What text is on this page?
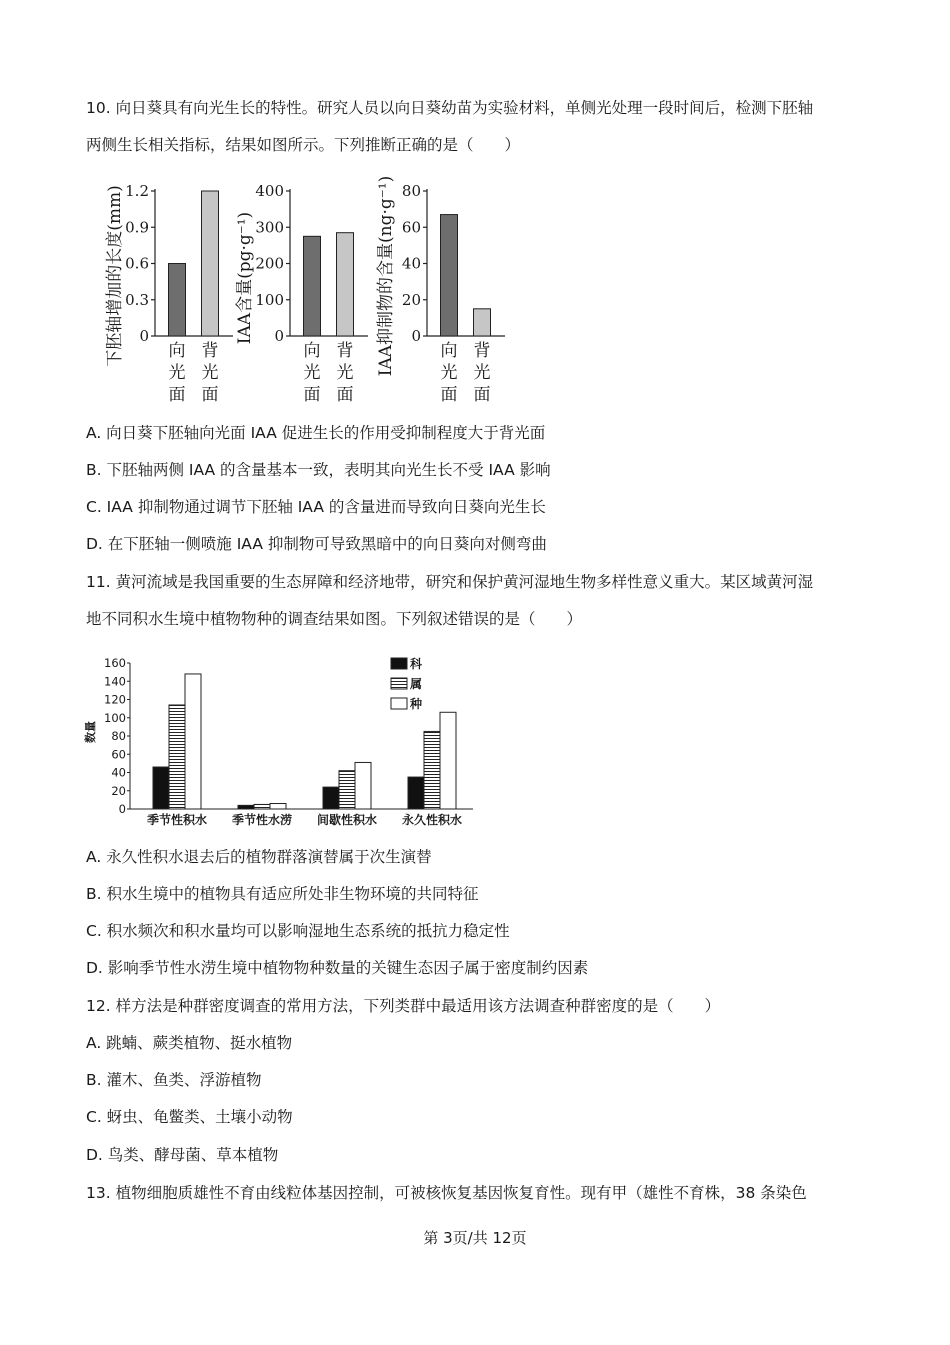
10. 向日葵具有向光生长的特性。研究人员以向日葵幼苗为实验材料，单侧光处理一段时间后，检测下胚轴
两侧生长相关指标，结果如图所示。下列推断正确的是（　　）
下胚轴增加的长度(mm) 0
0.3
0.6
0.9
1.2
向
光
面
背
光
面
IAA含量(pg·g⁻¹) 0
100
200
300
400
向
光
面
背
光
面
IAA抑制物的含量(ng·g⁻¹) 0
20
40
60
80
向
光
面
背
光
面
A. 向日葵下胚轴向光面 IAA 促进生长的作用受抑制程度大于背光面
B. 下胚轴两侧 IAA 的含量基本一致，表明其向光生长不受 IAA 影响
C. IAA 抑制物通过调节下胚轴 IAA 的含量进而导致向日葵向光生长
D. 在下胚轴一侧喷施 IAA 抑制物可导致黑暗中的向日葵向对侧弯曲
11. 黄河流域是我国重要的生态屏障和经济地带，研究和保护黄河湿地生物多样性意义重大。某区域黄河湿
地不同积水生境中植物物种的调查结果如图。下列叙述错误的是（　　）
数量
0
20
40
60
80
100
120
140
160
季节性积水 季节性水涝 间歇性积水 永久性积水
科
属
种
A. 永久性积水退去后的植物群落演替属于次生演替
B. 积水生境中的植物具有适应所处非生物环境的共同特征
C. 积水频次和积水量均可以影响湿地生态系统的抵抗力稳定性
D. 影响季节性水涝生境中植物物种数量的关键生态因子属于密度制约因素
12. 样方法是种群密度调查的常用方法，下列类群中最适用该方法调查种群密度的是（　　）
A. 跳蝻、蕨类植物、挺水植物
B. 灌木、鱼类、浮游植物
C. 蚜虫、龟鳖类、土壤小动物
D. 鸟类、酵母菌、草本植物
13. 植物细胞质雄性不育由线粒体基因控制，可被核恢复基因恢复育性。现有甲（雄性不育株，38 条染色
第 3页/共 12页
